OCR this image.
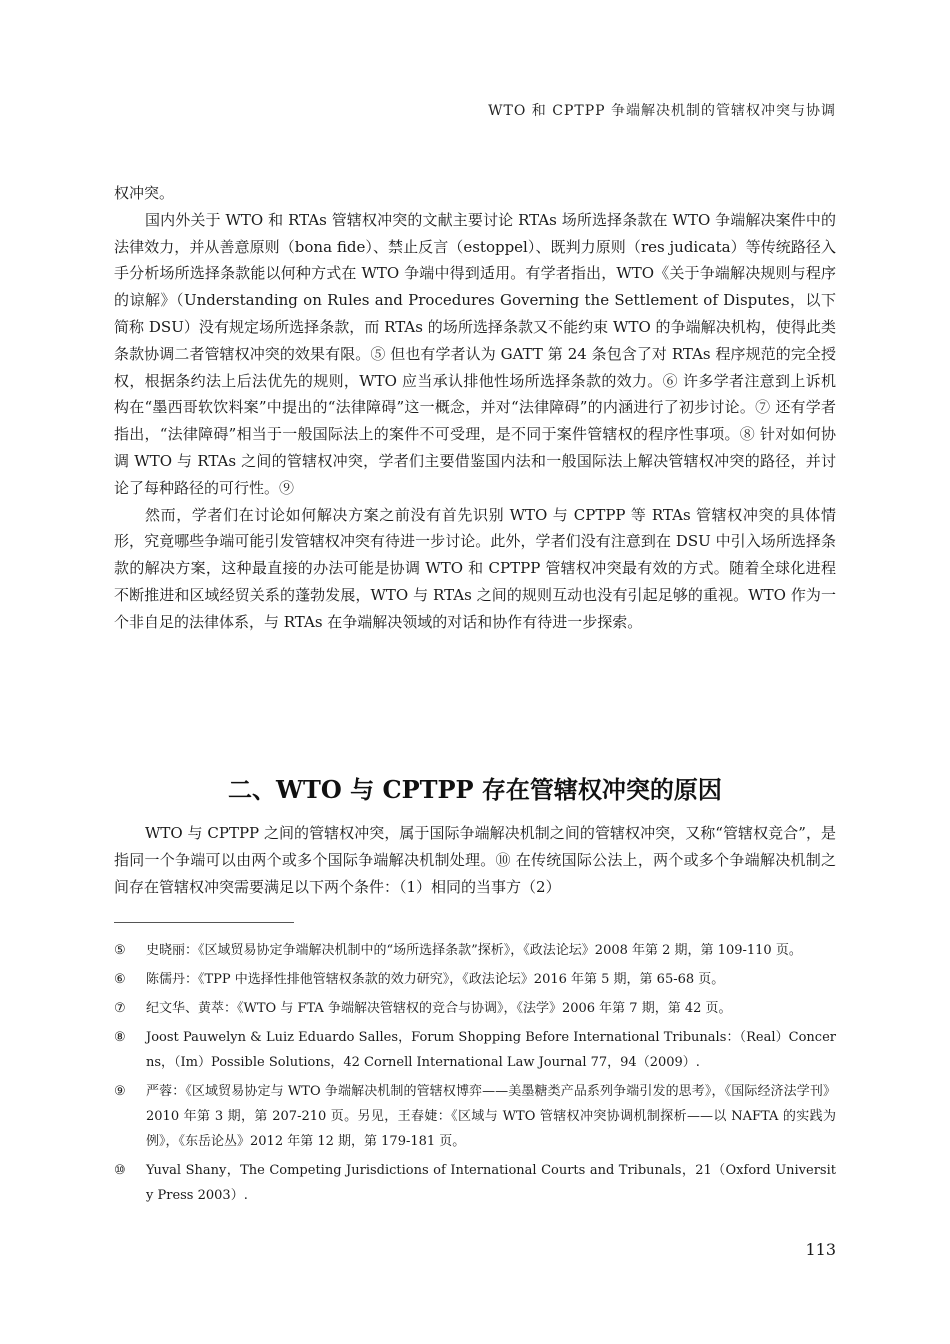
WTO 和 CPTPP 争端解决机制的管辖权冲突与协调

权冲突。

国内外关于 WTO 和 RTAs 管辖权冲突的文献主要讨论 RTAs 场所选择条款在 WTO 争端解决案件中的法律效力，并从善意原则（bona fide）、禁止反言（estoppel）、既判力原则（res judicata）等传统路径入手分析场所选择条款能以何种方式在 WTO 争端中得到适用。有学者指出，WTO《关于争端解决规则与程序的谅解》（Understanding on Rules and Procedures Governing the Settlement of Disputes，以下简称 DSU）没有规定场所选择条款，而 RTAs 的场所选择条款又不能约束 WTO 的争端解决机构，使得此类条款协调二者管辖权冲突的效果有限。⑤ 但也有学者认为 GATT 第 24 条包含了对 RTAs 程序规范的完全授权，根据条约法上后法优先的规则，WTO 应当承认排他性场所选择条款的效力。⑥ 许多学者注意到上诉机构在“墨西哥软饮料案”中提出的“法律障碍”这一概念，并对“法律障碍”的内涵进行了初步讨论。⑦ 还有学者指出，“法律障碍”相当于一般国际法上的案件不可受理，是不同于案件管辖权的程序性事项。⑧ 针对如何协调 WTO 与 RTAs 之间的管辖权冲突，学者们主要借鉴国内法和一般国际法上解决管辖权冲突的路径，并讨论了每种路径的可行性。⑨

然而，学者们在讨论如何解决方案之前没有首先识别 WTO 与 CPTPP 等 RTAs 管辖权冲突的具体情形，究竟哪些争端可能引发管辖权冲突有待进一步讨论。此外，学者们没有注意到在 DSU 中引入场所选择条款的解决方案，这种最直接的办法可能是协调 WTO 和 CPTPP 管辖权冲突最有效的方式。随着全球化进程不断推进和区域经贸关系的蓬勃发展，WTO 与 RTAs 之间的规则互动也没有引起足够的重视。WTO 作为一个非自足的法律体系，与 RTAs 在争端解决领域的对话和协作有待进一步探索。

二、WTO 与 CPTPP 存在管辖权冲突的原因

WTO 与 CPTPP 之间的管辖权冲突，属于国际争端解决机制之间的管辖权冲突，又称“管辖权竞合”，是指同一个争端可以由两个或多个国际争端解决机制处理。⑩ 在传统国际公法上，两个或多个争端解决机制之间存在管辖权冲突需要满足以下两个条件：（1）相同的当事方（2）

⑤	史晓丽：《区域贸易协定争端解决机制中的“场所选择条款”探析》，《政法论坛》2008 年第 2 期，第 109-110 页。
⑥	陈儒丹：《TPP 中选择性排他管辖权条款的效力研究》，《政法论坛》2016 年第 5 期，第 65-68 页。
⑦	纪文华、黄萃：《WTO 与 FTA 争端解决管辖权的竞合与协调》，《法学》2006 年第 7 期，第 42 页。
⑧	Joost Pauwelyn & Luiz Eduardo Salles，Forum Shopping Before International Tribunals：（Real）Concerns，（Im）Possible Solutions，42 Cornell International Law Journal 77，94（2009）.
⑨	严蓉：《区域贸易协定与 WTO 争端解决机制的管辖权博弈——美墨糖类产品系列争端引发的思考》，《国际经济法学刊》2010 年第 3 期，第 207-210 页。另见，王春婕：《区域与 WTO 管辖权冲突协调机制探析——以 NAFTA 的实践为例》，《东岳论丛》2012 年第 12 期，第 179-181 页。
⑩	Yuval Shany，The Competing Jurisdictions of International Courts and Tribunals，21（Oxford University Press 2003）.
113
